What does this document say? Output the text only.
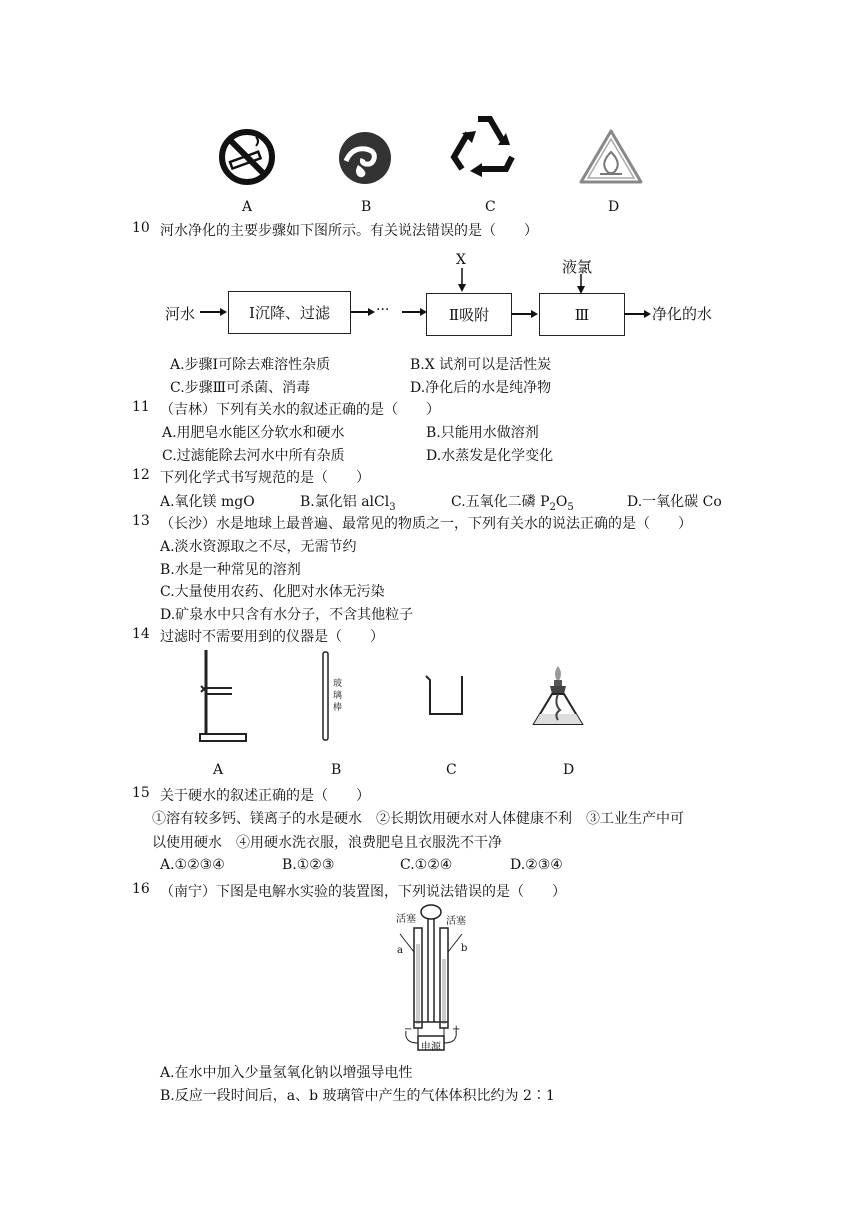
A	B	C	D
10 河水净化的主要步骤如下图所示。有关说法错误的是（　　）
河水	Ⅰ沉降、过滤	···
X
Ⅱ吸附
液氯
Ⅲ	净化的水
A.步骤Ⅰ可除去难溶性杂质	B.X 试剂可以是活性炭
C.步骤Ⅲ可杀菌、消毒	D.净化后的水是纯净物
11 （吉林）下列有关水的叙述正确的是（　　）
A.用肥皂水能区分软水和硬水	B.只能用水做溶剂
C.过滤能除去河水中所有杂质	D.水蒸发是化学变化
12 下列化学式书写规范的是（　　）
A.氧化镁 mgO	B.氯化铝 alCl$_3$	C.五氧化二磷 $P_2O_5$	D.一氧化碳 Co
13 （长沙）水是地球上最普遍、最常见的物质之一，下列有关水的说法正确的是（　　）
A.淡水资源取之不尽，无需节约
B.水是一种常见的溶剂
C.大量使用农药、化肥对水体无污染
D.矿泉水中只含有水分子，不含其他粒子
14 过滤时不需要用到的仪器是（　　）
玻璃棒
A	B	C	D
15 关于硬水的叙述正确的是（　　）
①溶有较多钙、镁离子的水是硬水　②长期饮用硬水对人体健康不利　③工业生产中可
以使用硬水　④用硬水洗衣服，浪费肥皂且衣服洗不干净
A.①②③④	B.①②③	C.①②④	D.②③④
16 （南宁）下图是电解水实验的装置图，下列说法错误的是（　　）
活塞	活塞
a	b
−	+
电源
A.在水中加入少量氢氧化钠以增强导电性
B.反应一段时间后，a、b 玻璃管中产生的气体体积比约为 2∶1
